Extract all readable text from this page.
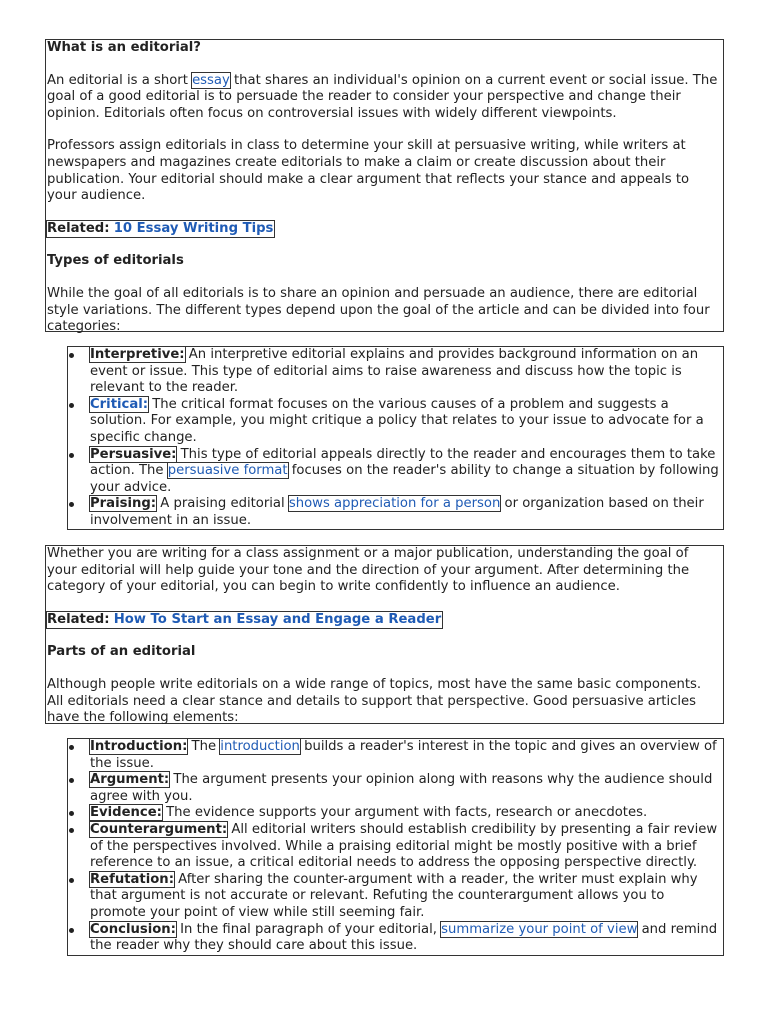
What is an editorial?

An editorial is a short essay that shares an individual's opinion on a current event or social issue. The goal of a good editorial is to persuade the reader to consider your perspective and change their opinion. Editorials often focus on controversial issues with widely different viewpoints.

Professors assign editorials in class to determine your skill at persuasive writing, while writers at newspapers and magazines create editorials to make a claim or create discussion about their publication. Your editorial should make a clear argument that reflects your stance and appeals to your audience.

Related: 10 Essay Writing Tips

Types of editorials

While the goal of all editorials is to share an opinion and persuade an audience, there are editorial style variations. The different types depend upon the goal of the article and can be divided into four categories:

Interpretive: An interpretive editorial explains and provides background information on an event or issue. This type of editorial aims to raise awareness and discuss how the topic is relevant to the reader.
Critical: The critical format focuses on the various causes of a problem and suggests a solution. For example, you might critique a policy that relates to your issue to advocate for a specific change.
Persuasive: This type of editorial appeals directly to the reader and encourages them to take action. The persuasive format focuses on the reader's ability to change a situation by following your advice.
Praising: A praising editorial shows appreciation for a person or organization based on their involvement in an issue.

Whether you are writing for a class assignment or a major publication, understanding the goal of your editorial will help guide your tone and the direction of your argument. After determining the category of your editorial, you can begin to write confidently to influence an audience.

Related: How To Start an Essay and Engage a Reader

Parts of an editorial

Although people write editorials on a wide range of topics, most have the same basic components. All editorials need a clear stance and details to support that perspective. Good persuasive articles have the following elements:

Introduction: The introduction builds a reader's interest in the topic and gives an overview of the issue.
Argument: The argument presents your opinion along with reasons why the audience should agree with you.
Evidence: The evidence supports your argument with facts, research or anecdotes.
Counterargument: All editorial writers should establish credibility by presenting a fair review of the perspectives involved. While a praising editorial might be mostly positive with a brief reference to an issue, a critical editorial needs to address the opposing perspective directly.
Refutation: After sharing the counter-argument with a reader, the writer must explain why that argument is not accurate or relevant. Refuting the counterargument allows you to promote your point of view while still seeming fair.
Conclusion: In the final paragraph of your editorial, summarize your point of view and remind the reader why they should care about this issue.
